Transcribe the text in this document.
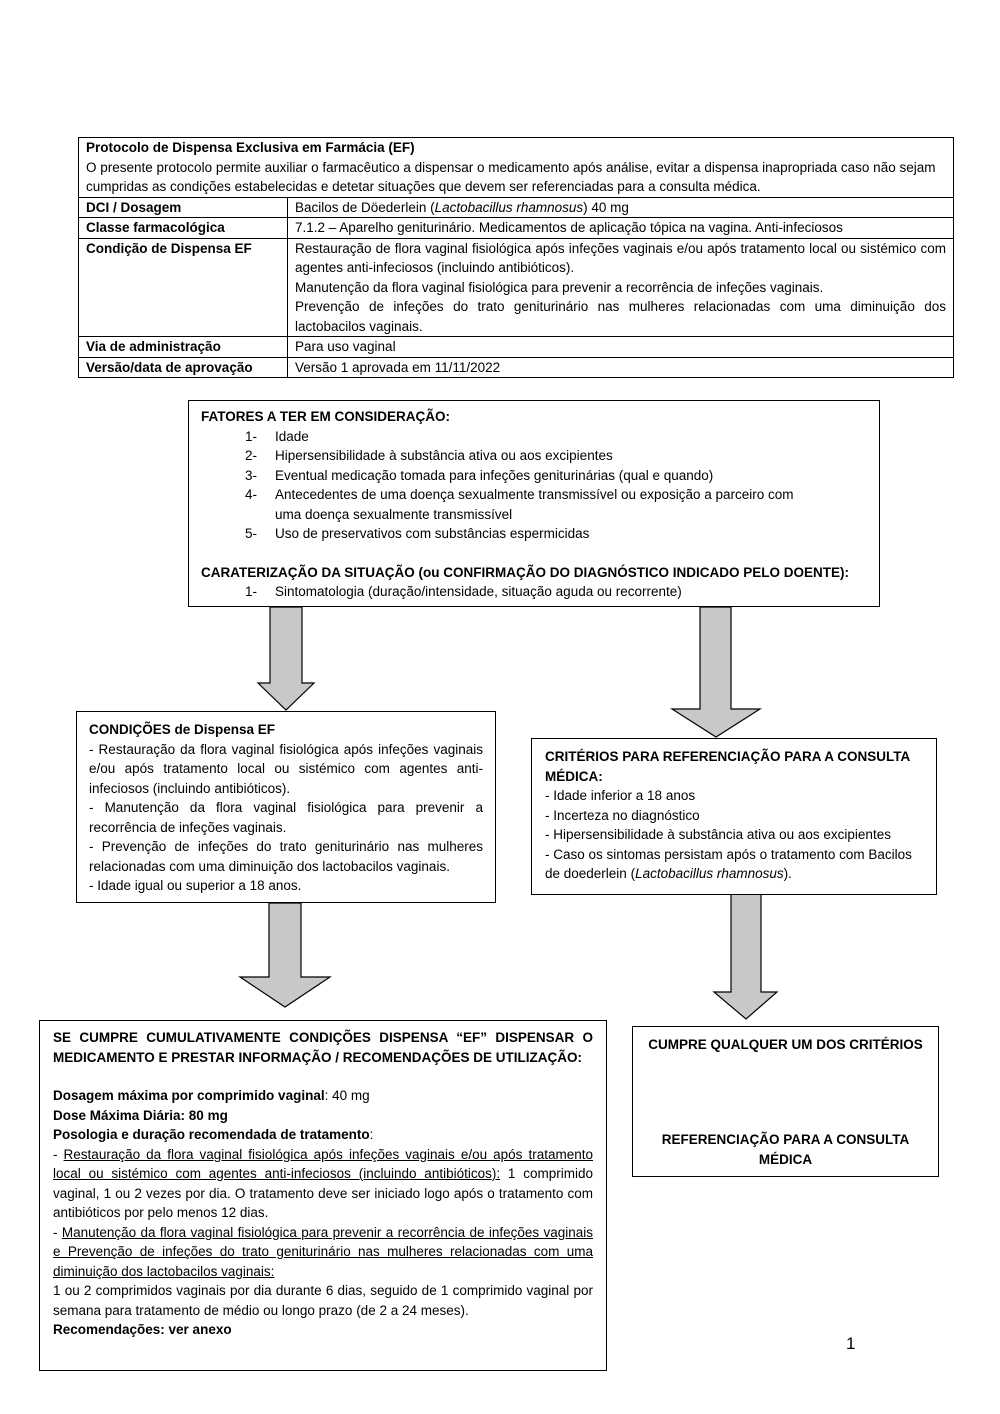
Protocolo de Dispensa Exclusiva em Farmácia (EF)
O presente protocolo permite auxiliar o farmacêutico a dispensar o medicamento após análise, evitar a dispensa inapropriada caso não sejam cumpridas as condições estabelecidas e detetar situações que devem ser referenciadas para a consulta médica.	

DCI / Dosagem	Bacilos de Döederlein (Lactobacillus rhamnosus) 40 mg
Classe farmacológica	7.1.2 – Aparelho geniturinário. Medicamentos de aplicação tópica na vagina. Anti-infeciosos
Condição de Dispensa EF	Restauração de flora vaginal fisiológica após infeções vaginais e/ou após tratamento local ou sistémico com agentes anti-infeciosos (incluindo antibióticos).
Manutenção da flora vaginal fisiológica para prevenir a recorrência de infeções vaginais.
Prevenção de infeções do trato geniturinário nas mulheres relacionadas com uma diminuição dos lactobacilos vaginais.

Via de administração	Para uso vaginal
Versão/data de aprovação	Versão 1 aprovada em 11/11/2022
FATORES A TER EM CONSIDERAÇÃO:
1- Idade
2- Hipersensibilidade à substância ativa ou aos excipientes
3- Eventual medicação tomada para infeções geniturinárias (qual e quando)
4- Antecedentes de uma doença sexualmente transmissível ou exposição a parceiro com uma doença sexualmente transmissível
5- Uso de preservativos com substâncias espermicidas
CARATERIZAÇÃO DA SITUAÇÃO (ou CONFIRMAÇÃO DO DIAGNÓSTICO INDICADO PELO DOENTE):
1- Sintomatologia (duração/intensidade, situação aguda ou recorrente)
CONDIÇÕES de Dispensa EF
- Restauração da flora vaginal fisiológica após infeções vaginais e/ou após tratamento local ou sistémico com agentes anti-infeciosos (incluindo antibióticos).
- Manutenção da flora vaginal fisiológica para prevenir a recorrência de infeções vaginais.
- Prevenção de infeções do trato geniturinário nas mulheres relacionadas com uma diminuição dos lactobacilos vaginais.
- Idade igual ou superior a 18 anos.
CRITÉRIOS PARA REFERENCIAÇÃO PARA A CONSULTA MÉDICA:
- Idade inferior a 18 anos
- Incerteza no diagnóstico
- Hipersensibilidade à substância ativa ou aos excipientes
- Caso os sintomas persistam após o tratamento com Bacilos de doederlein (Lactobacillus rhamnosus).
SE CUMPRE CUMULATIVAMENTE CONDIÇÕES DISPENSA “EF” DISPENSAR O MEDICAMENTO E PRESTAR INFORMAÇÃO / RECOMENDAÇÕES DE UTILIZAÇÃO:
Dosagem máxima por comprimido vaginal: 40 mg
Dose Máxima Diária: 80 mg
Posologia e duração recomendada de tratamento:
- Restauração da flora vaginal fisiológica após infeções vaginais e/ou após tratamento local ou sistémico com agentes anti-infeciosos (incluindo antibióticos): 1 comprimido vaginal, 1 ou 2 vezes por dia. O tratamento deve ser iniciado logo após o tratamento com antibióticos por pelo menos 12 dias.
- Manutenção da flora vaginal fisiológica para prevenir a recorrência de infeções vaginais e Prevenção de infeções do trato geniturinário nas mulheres relacionadas com uma diminuição dos lactobacilos vaginais:
1 ou 2 comprimidos vaginais por dia durante 6 dias, seguido de 1 comprimido vaginal por semana para tratamento de médio ou longo prazo (de 2 a 24 meses).
Recomendações: ver anexo
CUMPRE QUALQUER UM DOS CRITÉRIOS
REFERENCIAÇÃO PARA A CONSULTA MÉDICA
1
